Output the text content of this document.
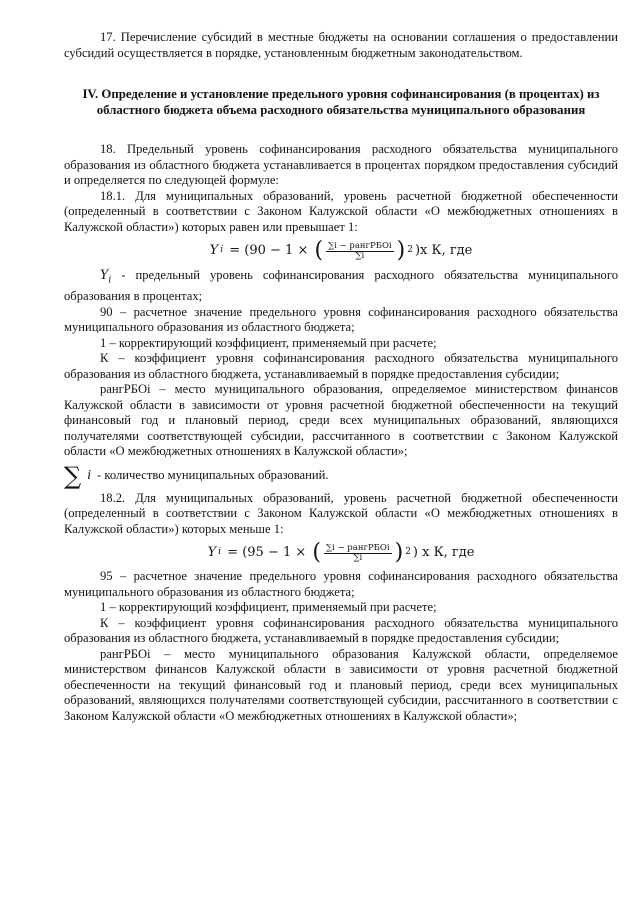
17. Перечисление субсидий в местные бюджеты на основании соглашения о предоставлении субсидий осуществляется в порядке, установленным бюджетным законодательством.

IV. Определение и установление предельного уровня софинансирования (в процентах) из областного бюджета объема расходного обязательства муниципального образования

18. Предельный уровень софинансирования расходного обязательства муниципального образования из областного бюджета устанавливается в процентах порядком предоставления субсидий и определяется по следующей формуле:

18.1. Для муниципальных образований, уровень расчетной бюджетной обеспеченности (определенный в соответствии с Законом Калужской области «О межбюджетных отношениях в Калужской области») которых равен или превышает 1:

Y i = (90 − 1 × ( $\frac{\text{∑i − рангРБОi}}{\sum i}$ ) 2 )х К, где

$Y_i$ - предельный уровень софинансирования расходного обязательства муниципального образования в процентах;

90 – расчетное значение предельного уровня софинансирования расходного обязательства муниципального образования из областного бюджета;

1 – корректирующий коэффициент, применяемый при расчете;

К – коэффициент уровня софинансирования расходного обязательства муниципального образования из областного бюджета, устанавливаемый в порядке предоставления субсидии;

рангРБОi – место муниципального образования, определяемое министерством финансов Калужской области в зависимости от уровня расчетной бюджетной обеспеченности на текущий финансовый год и плановый период, среди всех муниципальных образований, являющихся получателями соответствующей субсидии, рассчитанного в соответствии с Законом Калужской области «О межбюджетных отношениях в Калужской области»;

∑ i - количество муниципальных образований.

18.2. Для муниципальных образований, уровень расчетной бюджетной обеспеченности (определенный в соответствии с Законом Калужской области «О межбюджетных отношениях в Калужской области») которых меньше 1:

Y i = (95 − 1 × ( $\frac{\text{∑i − рангРБОi}}{\sum i}$ ) 2 ) х К, где

95 – расчетное значение предельного уровня софинансирования расходного обязательства муниципального образования из областного бюджета;

1 – корректирующий коэффициент, применяемый при расчете;

К – коэффициент уровня софинансирования расходного обязательства муниципального образования из областного бюджета, устанавливаемый в порядке предоставления субсидии;

рангРБОi – место муниципального образования Калужской области, определяемое министерством финансов Калужской области в зависимости от уровня расчетной бюджетной обеспеченности на текущий финансовый год и плановый период, среди всех муниципальных образований, являющихся получателями соответствующей субсидии, рассчитанного в соответствии с Законом Калужской области «О межбюджетных отношениях в Калужской области»;
